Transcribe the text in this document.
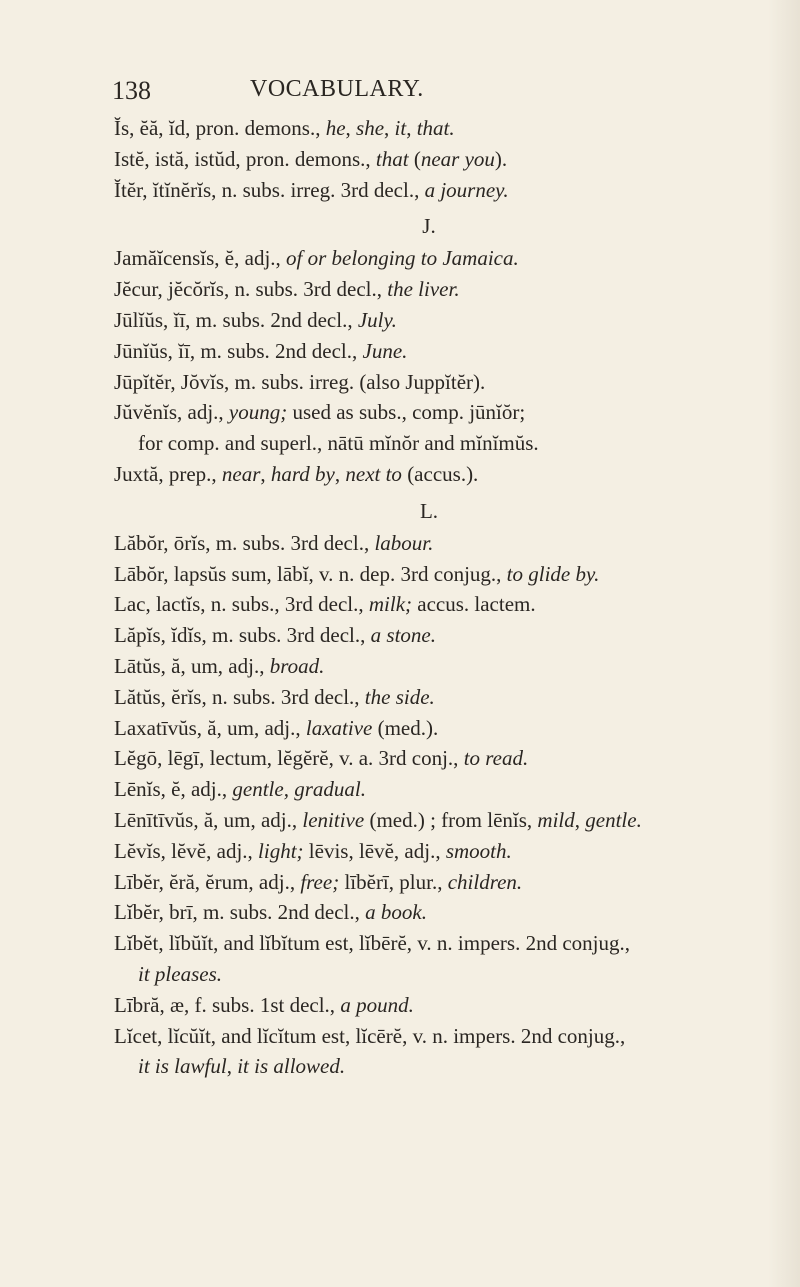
138	VOCABULARY.
Ĭs, ĕă, ĭd, pron. demons., he, she, it, that.
Istĕ, istă, istŭd, pron. demons., that (near you).
Ĭtĕr, ĭtĭnĕrĭs, n. subs. irreg. 3rd decl., a journey.
J.
Jamăĭcensĭs, ĕ, adj., of or belonging to Jamaica.
Jĕcur, jĕcŏrĭs, n. subs. 3rd decl., the liver.
Jūlĭŭs, ĭī, m. subs. 2nd decl., July.
Jūnĭŭs, ĭī, m. subs. 2nd decl., June.
Jūpĭtĕr, Jŏvĭs, m. subs. irreg. (also Juppĭtĕr).
Jŭvĕnĭs, adj., young; used as subs., comp. jūnĭŏr;
for comp. and superl., nātū mĭnŏr and mĭnĭmŭs.
Juxtă, prep., near, hard by, next to (accus.).
L.
Lăbŏr, ōrĭs, m. subs. 3rd decl., labour.
Lābŏr, lapsŭs sum, lābĭ, v. n. dep. 3rd conjug., to glide by.
Lac, lactĭs, n. subs., 3rd decl., milk; accus. lactem.
Lăpĭs, ĭdĭs, m. subs. 3rd decl., a stone.
Lātŭs, ă, um, adj., broad.
Lătŭs, ĕrĭs, n. subs. 3rd decl., the side.
Laxatīvŭs, ă, um, adj., laxative (med.).
Lĕgō, lēgī, lectum, lĕgĕrĕ, v. a. 3rd conj., to read.
Lēnĭs, ĕ, adj., gentle, gradual.
Lēnītīvŭs, ă, um, adj., lenitive (med.) ; from lēnĭs, mild, gentle.
Lĕvĭs, lĕvĕ, adj., light; lēvis, lēvĕ, adj., smooth.
Lībĕr, ĕră, ĕrum, adj., free; lībĕrī, plur., children.
Lĭbĕr, brī, m. subs. 2nd decl., a book.
Lĭbĕt, lĭbŭĭt, and lĭbĭtum est, lĭbērĕ, v. n. impers. 2nd conjug.,
it pleases.
Lībră, æ, f. subs. 1st decl., a pound.
Lĭcet, lĭcŭĭt, and lĭcĭtum est, lĭcērĕ, v. n. impers. 2nd conjug.,
it is lawful, it is allowed.
